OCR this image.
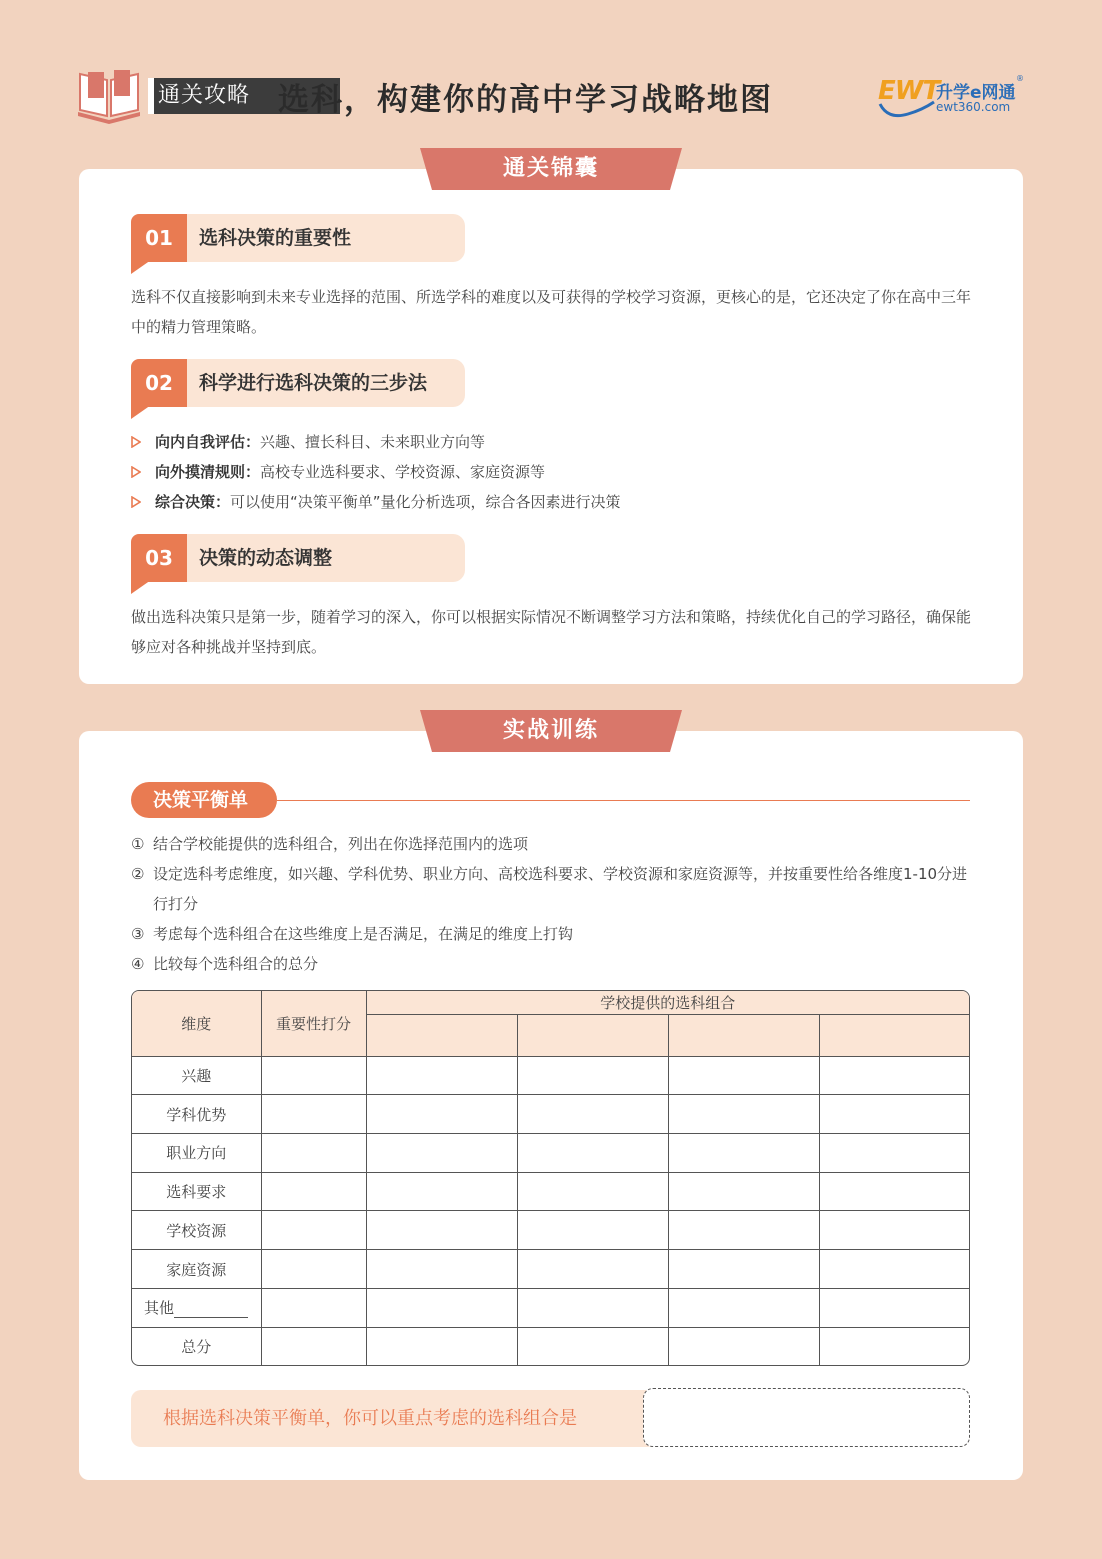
通关攻略 选科，构建你的高中学习战略地图	EWT
升学e网通
ewt360.com
®
01	选科决策的重要性
选科不仅直接影响到未来专业选择的范围、所选学科的难度以及可获得的学校学习资源，更核心的是，它还决定了你在高中三年中的精力管理策略。
02	科学进行选科决策的三步法
向内自我评估：兴趣、擅长科目、未来职业方向等
向外摸清规则：高校专业选科要求、学校资源、家庭资源等
综合决策：可以使用“决策平衡单”量化分析选项，综合各因素进行决策
03	决策的动态调整
做出选科决策只是第一步，随着学习的深入，你可以根据实际情况不断调整学习方法和策略，持续优化自己的学习路径，确保能够应对各种挑战并坚持到底。
通关锦囊
决策平衡单
① 结合学校能提供的选科组合，列出在你选择范围内的选项
② 设定选科考虑维度，如兴趣、学科优势、职业方向、高校选科要求、学校资源和家庭资源等，并按重要性给各维度1-10分进行打分
③ 考虑每个选科组合在这些维度上是否满足，在满足的维度上打钩
④ 比较每个选科组合的总分
维度	重要性打分	学校提供的选科组合			

兴趣					
学科优势					
职业方向					
选科要求					
学校资源					
家庭资源					
其他					
总分					
根据选科决策平衡单，你可以重点考虑的选科组合是
实战训练
